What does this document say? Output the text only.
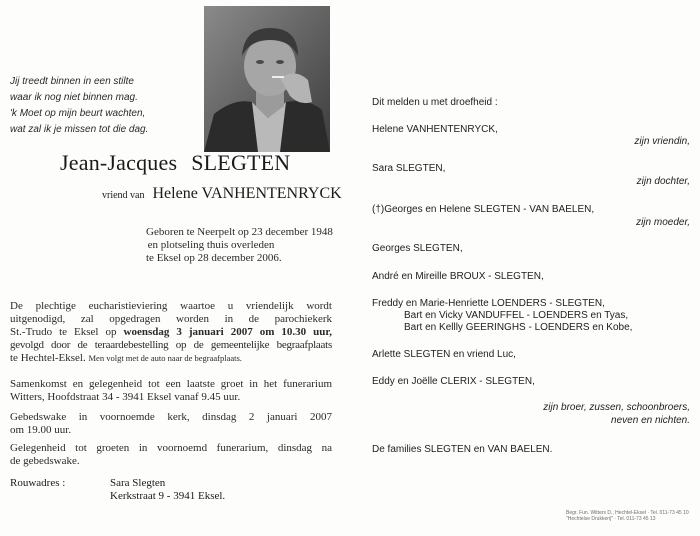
Jij treedt binnen in een stilte
waar ik nog niet binnen mag.
'k Moet op mijn beurt wachten,
wat zal ik je missen tot die dag.
Jean-Jacques SLEGTEN
vriend van Helene VANHENTENRYCK
Geboren te Neerpelt op 23 december 1948
en plotseling thuis overleden
te Eksel op 28 december 2006.
De plechtige eucharistieviering waartoe u vriendelijk wordt
uitgenodigd, zal opgedragen worden in de parochiekerk
St.-Trudo te Eksel op woensdag 3 januari 2007 om 10.30 uur,
gevolgd door de teraardebestelling op de gemeentelijke begraafplaats
te Hechtel-Eksel. Men volgt met de auto naar de begraafplaats.
Samenkomst en gelegenheid tot een laatste groet in het funerarium
Witters, Hoofdstraat 34 - 3941 Eksel vanaf 9.45 uur.
Gebedswake in voornoemde kerk, dinsdag 2 januari 2007
om 19.00 uur.
Gelegenheid tot groeten in voornoemd funerarium, dinsdag na
de gebedswake.
Rouwadres :	Sara Slegten
Kerkstraat 9 - 3941 Eksel.
Dit melden u met droefheid :
Helene VANHENTENRYCK,
zijn vriendin,
Sara SLEGTEN,
zijn dochter,
(†)Georges en Helene SLEGTEN - VAN BAELEN,
zijn moeder,
Georges SLEGTEN,
André en Mireille BROUX - SLEGTEN,
Freddy en Marie-Henriette LOENDERS - SLEGTEN,
Bart en Vicky VANDUFFEL - LOENDERS en Tyas,
Bart en Kellly GEERINGHS - LOENDERS en Kobe,
Arlette SLEGTEN en vriend Luc,
Eddy en Joëlle CLERIX - SLEGTEN,
zijn broer, zussen, schoonbroers,
neven en nichten.
De families SLEGTEN en VAN BAELEN.
Begr. Fun. Witters D., Hechtel-Eksel · Tel. 011-73 45 10
"Hechtelse Drukkerij" · Tel. 011-73 45 13
